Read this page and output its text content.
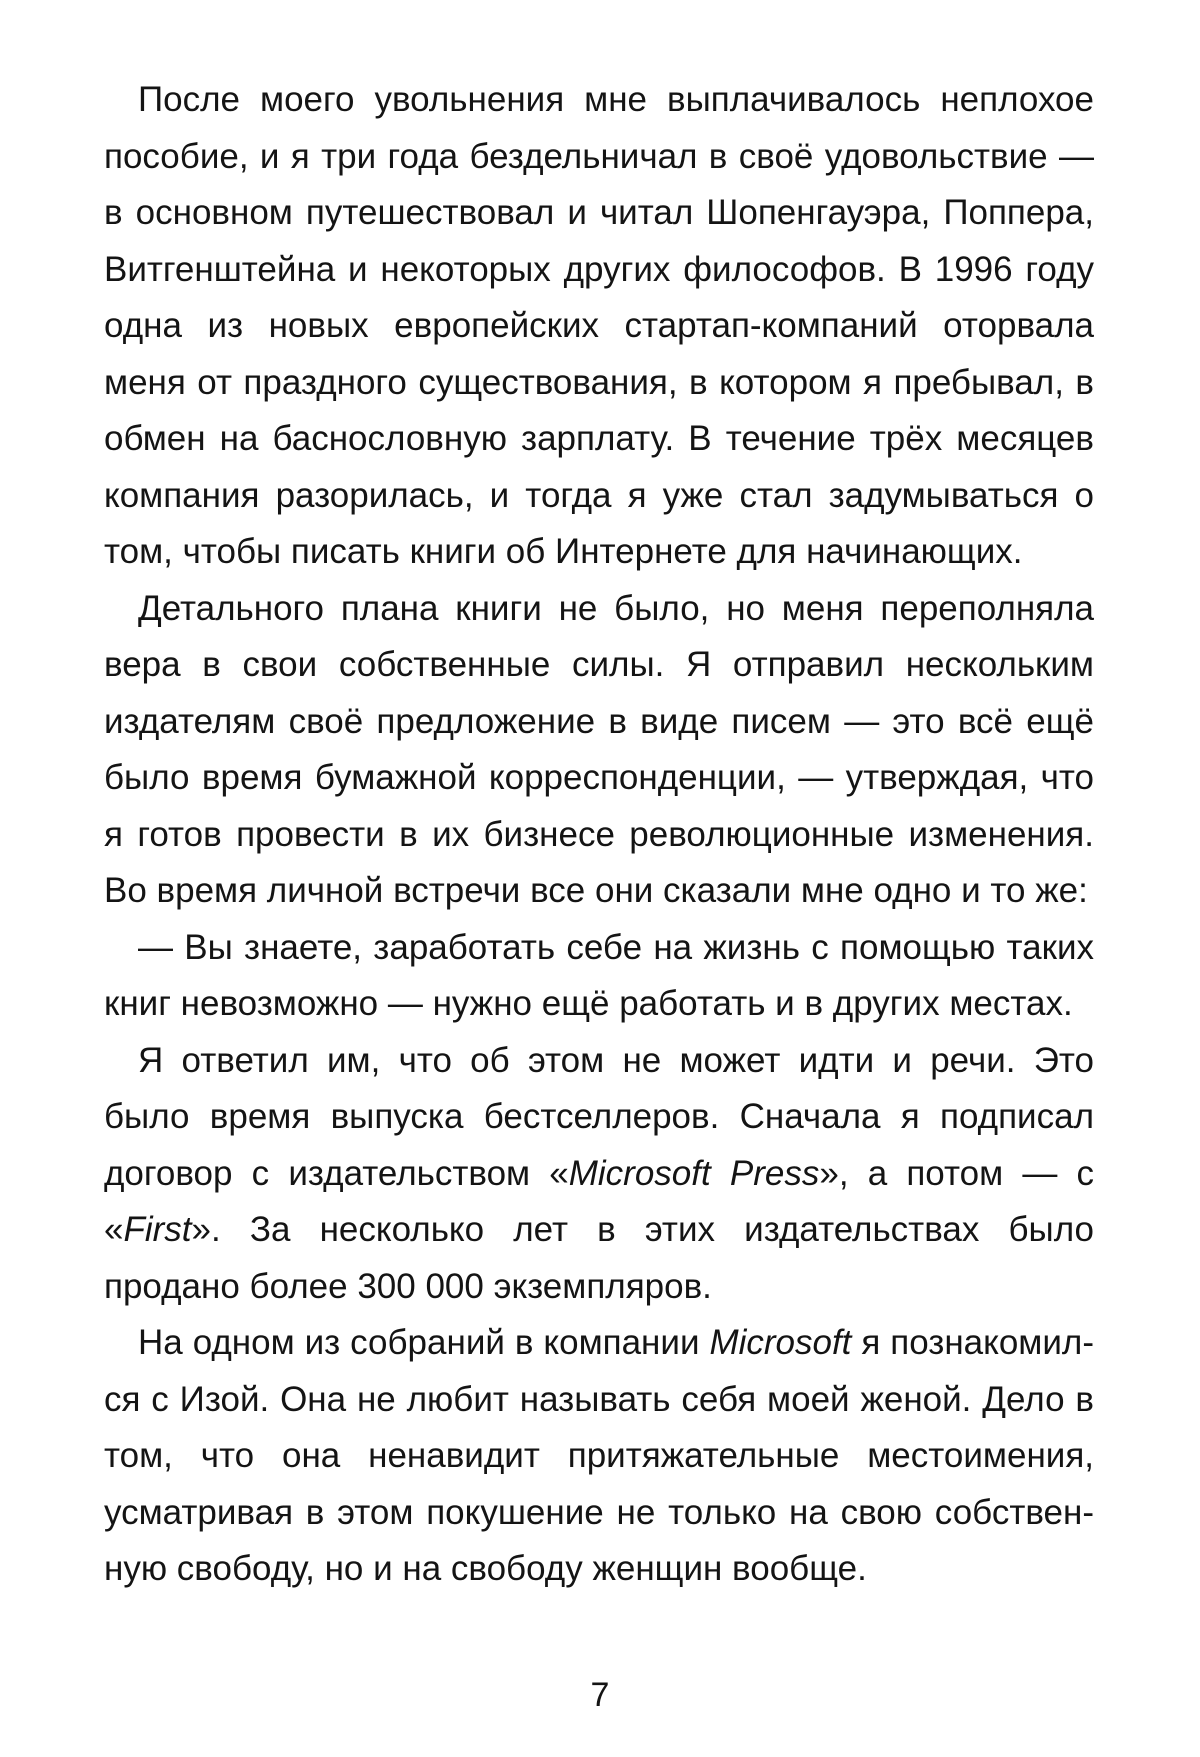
После моего увольнения мне выплачивалось неплохое пособие, и я три года бездельничал в своё удовольствие — в основном путешествовал и читал Шопенгауэра, Поппера, Витгенштейна и некоторых других философов. В 1996 году одна из новых европейских стартап-компаний оторвала меня от праздного существования, в котором я пребывал, в обмен на баснословную зарплату. В течение трёх месяцев компания разорилась, и тогда я уже стал задумываться о том, чтобы писать книги об Интернете для начинающих.

Детального плана книги не было, но меня переполняла вера в свои собственные силы. Я отправил нескольким издателям своё предложение в виде писем — это всё ещё было время бумажной корреспонденции, — утверждая, что я готов провести в их бизнесе революционные изменения. Во время личной встречи все они сказали мне одно и то же:

— Вы знаете, заработать себе на жизнь с помощью таких книг невозможно — нужно ещё работать и в других местах.

Я ответил им, что об этом не может идти и речи. Это было время выпуска бестселлеров. Сначала я подписал договор с издательством «Microsoft Press», а потом — с «First». За несколько лет в этих издательствах было продано более 300 000 экземпляров.

На одном из собраний в компании Microsoft я познакомился с Изой. Она не любит называть себя моей женой. Дело в том, что она ненавидит притяжательные местоимения, усматривая в этом покушение не только на свою собственную свободу, но и на свободу женщин вообще.

7
